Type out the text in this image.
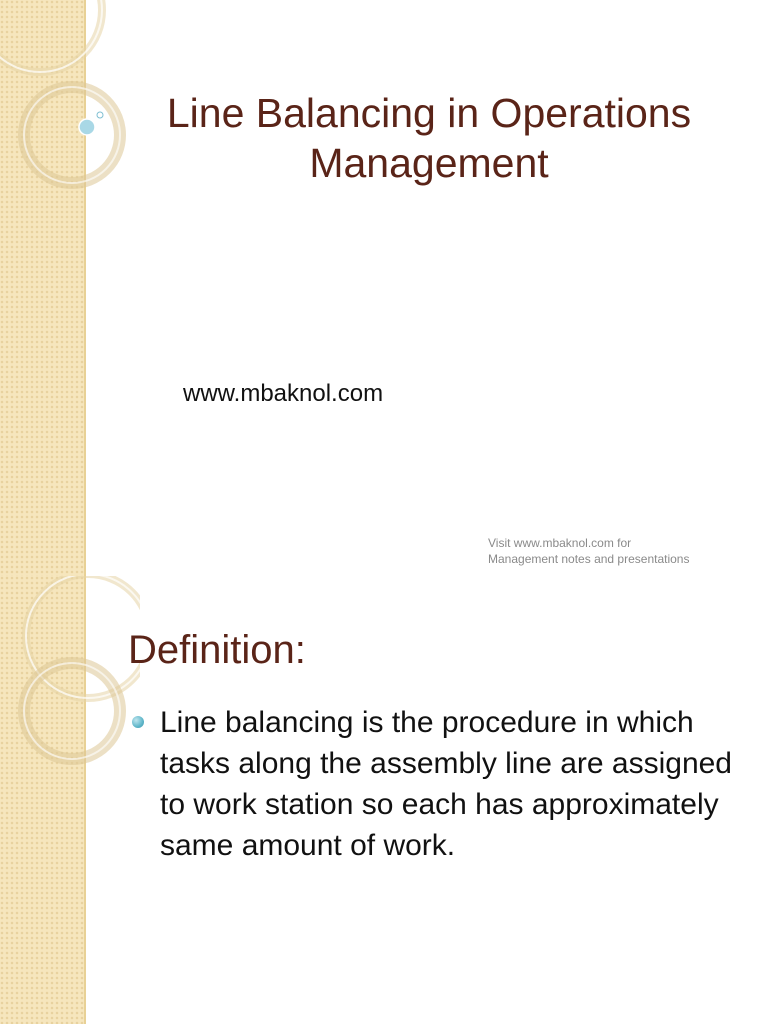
Line Balancing in Operations Management

www.mbaknol.com

Visit www.mbaknol.com for
Management notes and presentations
Definition:
Line balancing is the procedure in which tasks along the assembly line are assigned to work station so each has approximately same amount of work.
